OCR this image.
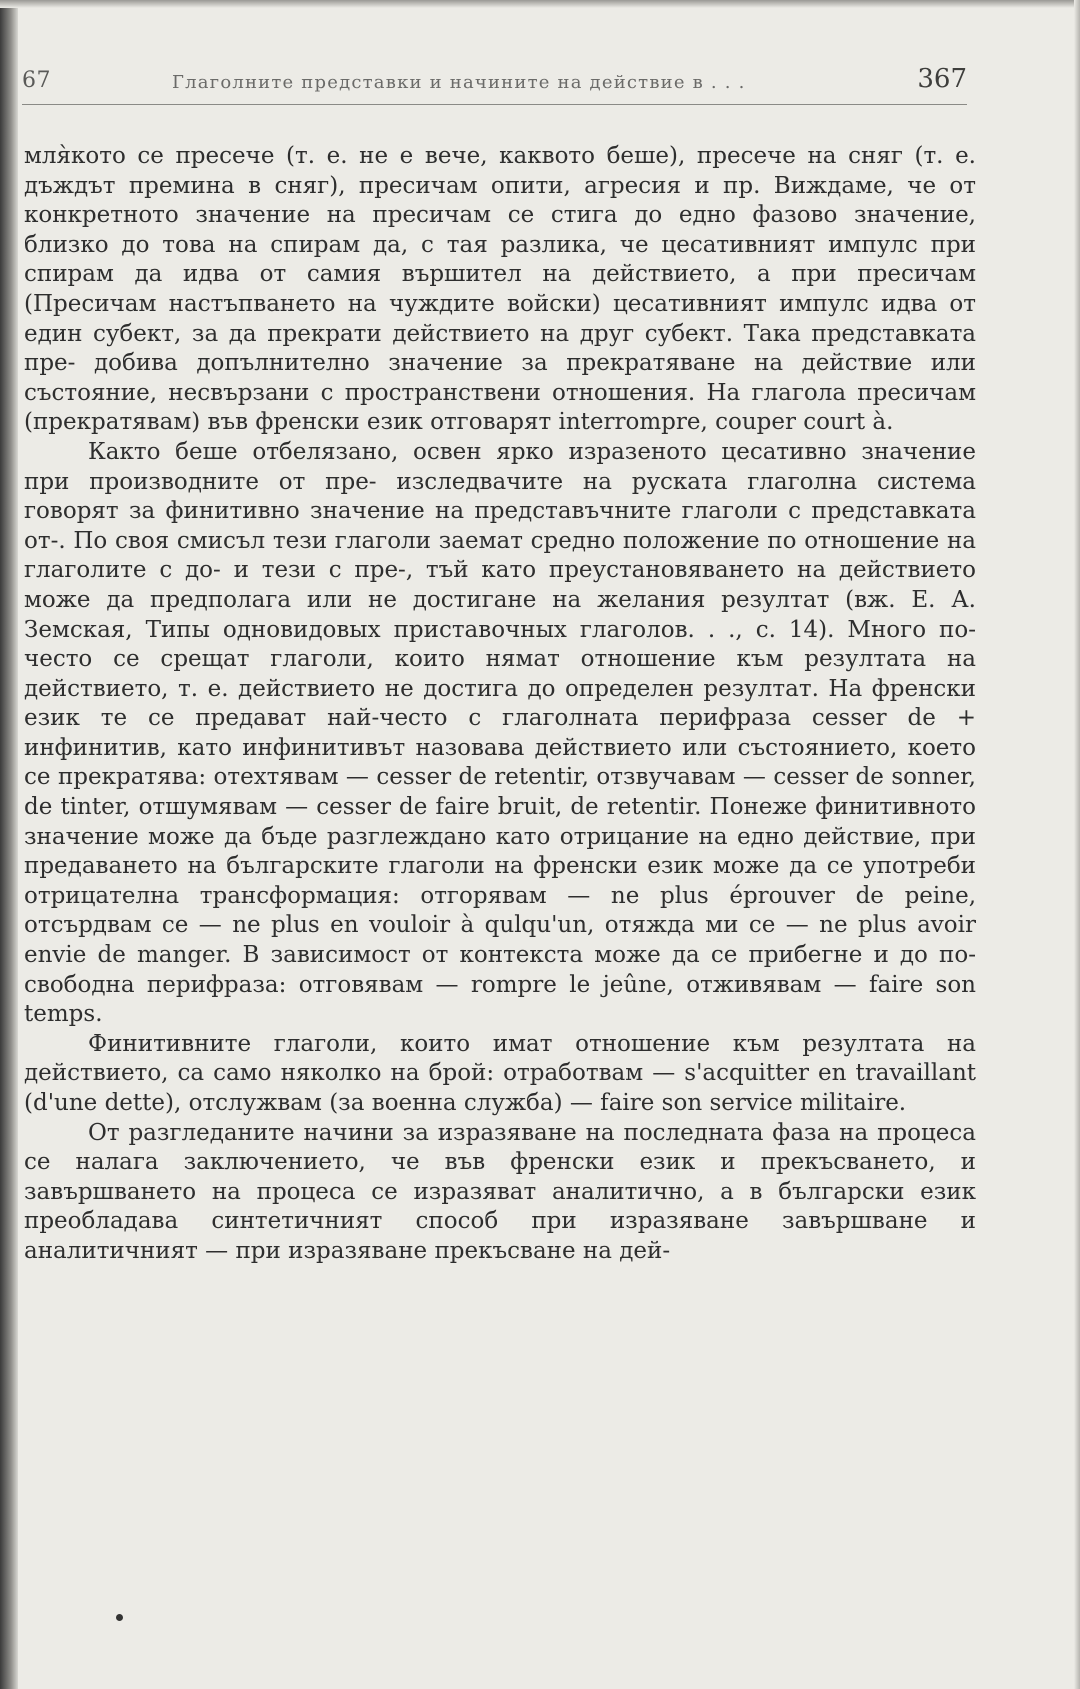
67	Глаголните представки и начините на действие в . . .	367

мля̀кото се пресече (т. е. не е вече, каквото беше), пресече на сняг (т. е. дъждът премина в сняг), пресичам опити, агресия и пр. Виждаме, че от конкретното значение на пресичам се стига до едно фазово значение, близко до това на спирам да, с тая разлика, че цесативният импулс при спирам да идва от самия вършител на действието, а при пресичам (Пресичам настъпването на чуждите войски) цесативният импулс идва от един субект, за да прекрати действието на друг субект. Така представката пре- добива допълнително значение за прекратяване на действие или състояние, несвързани с пространствени отношения. На глагола пресичам (прекратявам) във френски език отговарят interrompre, couper court à.

Както беше отбелязано, освен ярко изразеното цесативно значение при производните от пре- изследвачите на руската глаголна система говорят за финитивно значение на представъчните глаголи с представката от-. По своя смисъл тези глаголи заемат средно положение по отношение на глаголите с до- и тези с пре-, тъй като преустановяването на действието може да предполага или не достигане на желания резултат (вж. Е. А. Земская, Типы одновидовых приставочных глаголов. . ., с. 14). Много по-често се срещат глаголи, които нямат отношение към резултата на действието, т. е. действието не достига до определен резултат. На френски език те се предават най-често с глаголната перифраза cesser de + инфинитив, като инфинитивът назовава действието или състоянието, което се прекратява: отехтявам — cesser de retentir, отзвучавам — cesser de sonner, de tinter, отшумявам — cesser de faire bruit, de retentir. Понеже финитивното значение може да бъде разглеждано като отрицание на едно действие, при предаването на българските глаголи на френски език може да се употреби отрицателна трансформация: отгорявам — ne plus éprouver de peine, отсърдвам се — ne plus en vouloir à qulqu'un, отяжда ми се — ne plus avoir envie de manger. В зависимост от контекста може да се прибегне и до по-свободна перифраза: отговявам — rompre le jeûne, отживявам — faire son temps.

Финитивните глаголи, които имат отношение към резултата на действието, са само няколко на брой: отработвам — s'acquitter en travaillant (d'une dette), отслужвам (за военна служба) — faire son service militaire.

От разгледаните начини за изразяване на последната фаза на процеса се налага заключението, че във френски език и прекъсването, и завършването на процеса се изразяват аналитично, а в български език преобладава синтетичният способ при изразяване завършване и аналитичният — при изразяване прекъсване на дей-
